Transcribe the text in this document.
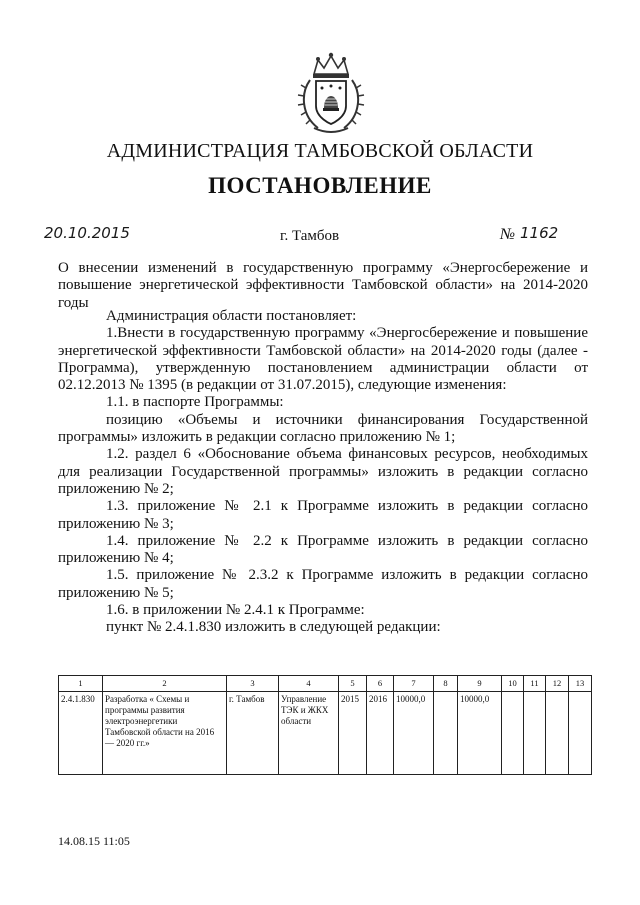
АДМИНИСТРАЦИЯ ТАМБОВСКОЙ ОБЛАСТИ
ПОСТАНОВЛЕНИЕ
20.10.2015	г. Тамбов	№ 1162
О внесении изменений в государственную программу «Энергосбережение и повышение энергетической эффективности Тамбовской области» на 2014-2020 годы
Администрация области постановляет:
1.Внести в государственную программу «Энергосбережение и повышение энергетической эффективности Тамбовской области» на 2014-2020 годы (далее - Программа), утвержденную постановлением администрации области от 02.12.2013 № 1395 (в редакции от 31.07.2015), следующие изменения:
1.1. в паспорте Программы:
позицию «Объемы и источники финансирования Государственной программы» изложить в редакции согласно приложению № 1;
1.2. раздел 6 «Обоснование объема финансовых ресурсов, необходимых для реализации Государственной программы» изложить в редакции согласно приложению № 2;
1.3. приложение № 2.1 к Программе изложить в редакции согласно приложению № 3;
1.4. приложение № 2.2 к Программе изложить в редакции согласно приложению № 4;
1.5. приложение № 2.3.2 к Программе изложить в редакции согласно приложению № 5;
1.6. в приложении № 2.4.1 к Программе:
пункт № 2.4.1.830 изложить в следующей редакции:
1	2	3	4	5	6	7	8	9	10	11	12	13
2.4.1.830	Разработка « Схемы и программы развития электроэнергетики Тамбовской области на 2016 — 2020 гг.»	г. Тамбов	Управление ТЭК и ЖКХ области	2015	2016	10000,0		10000,0				
14.08.15 11:05
